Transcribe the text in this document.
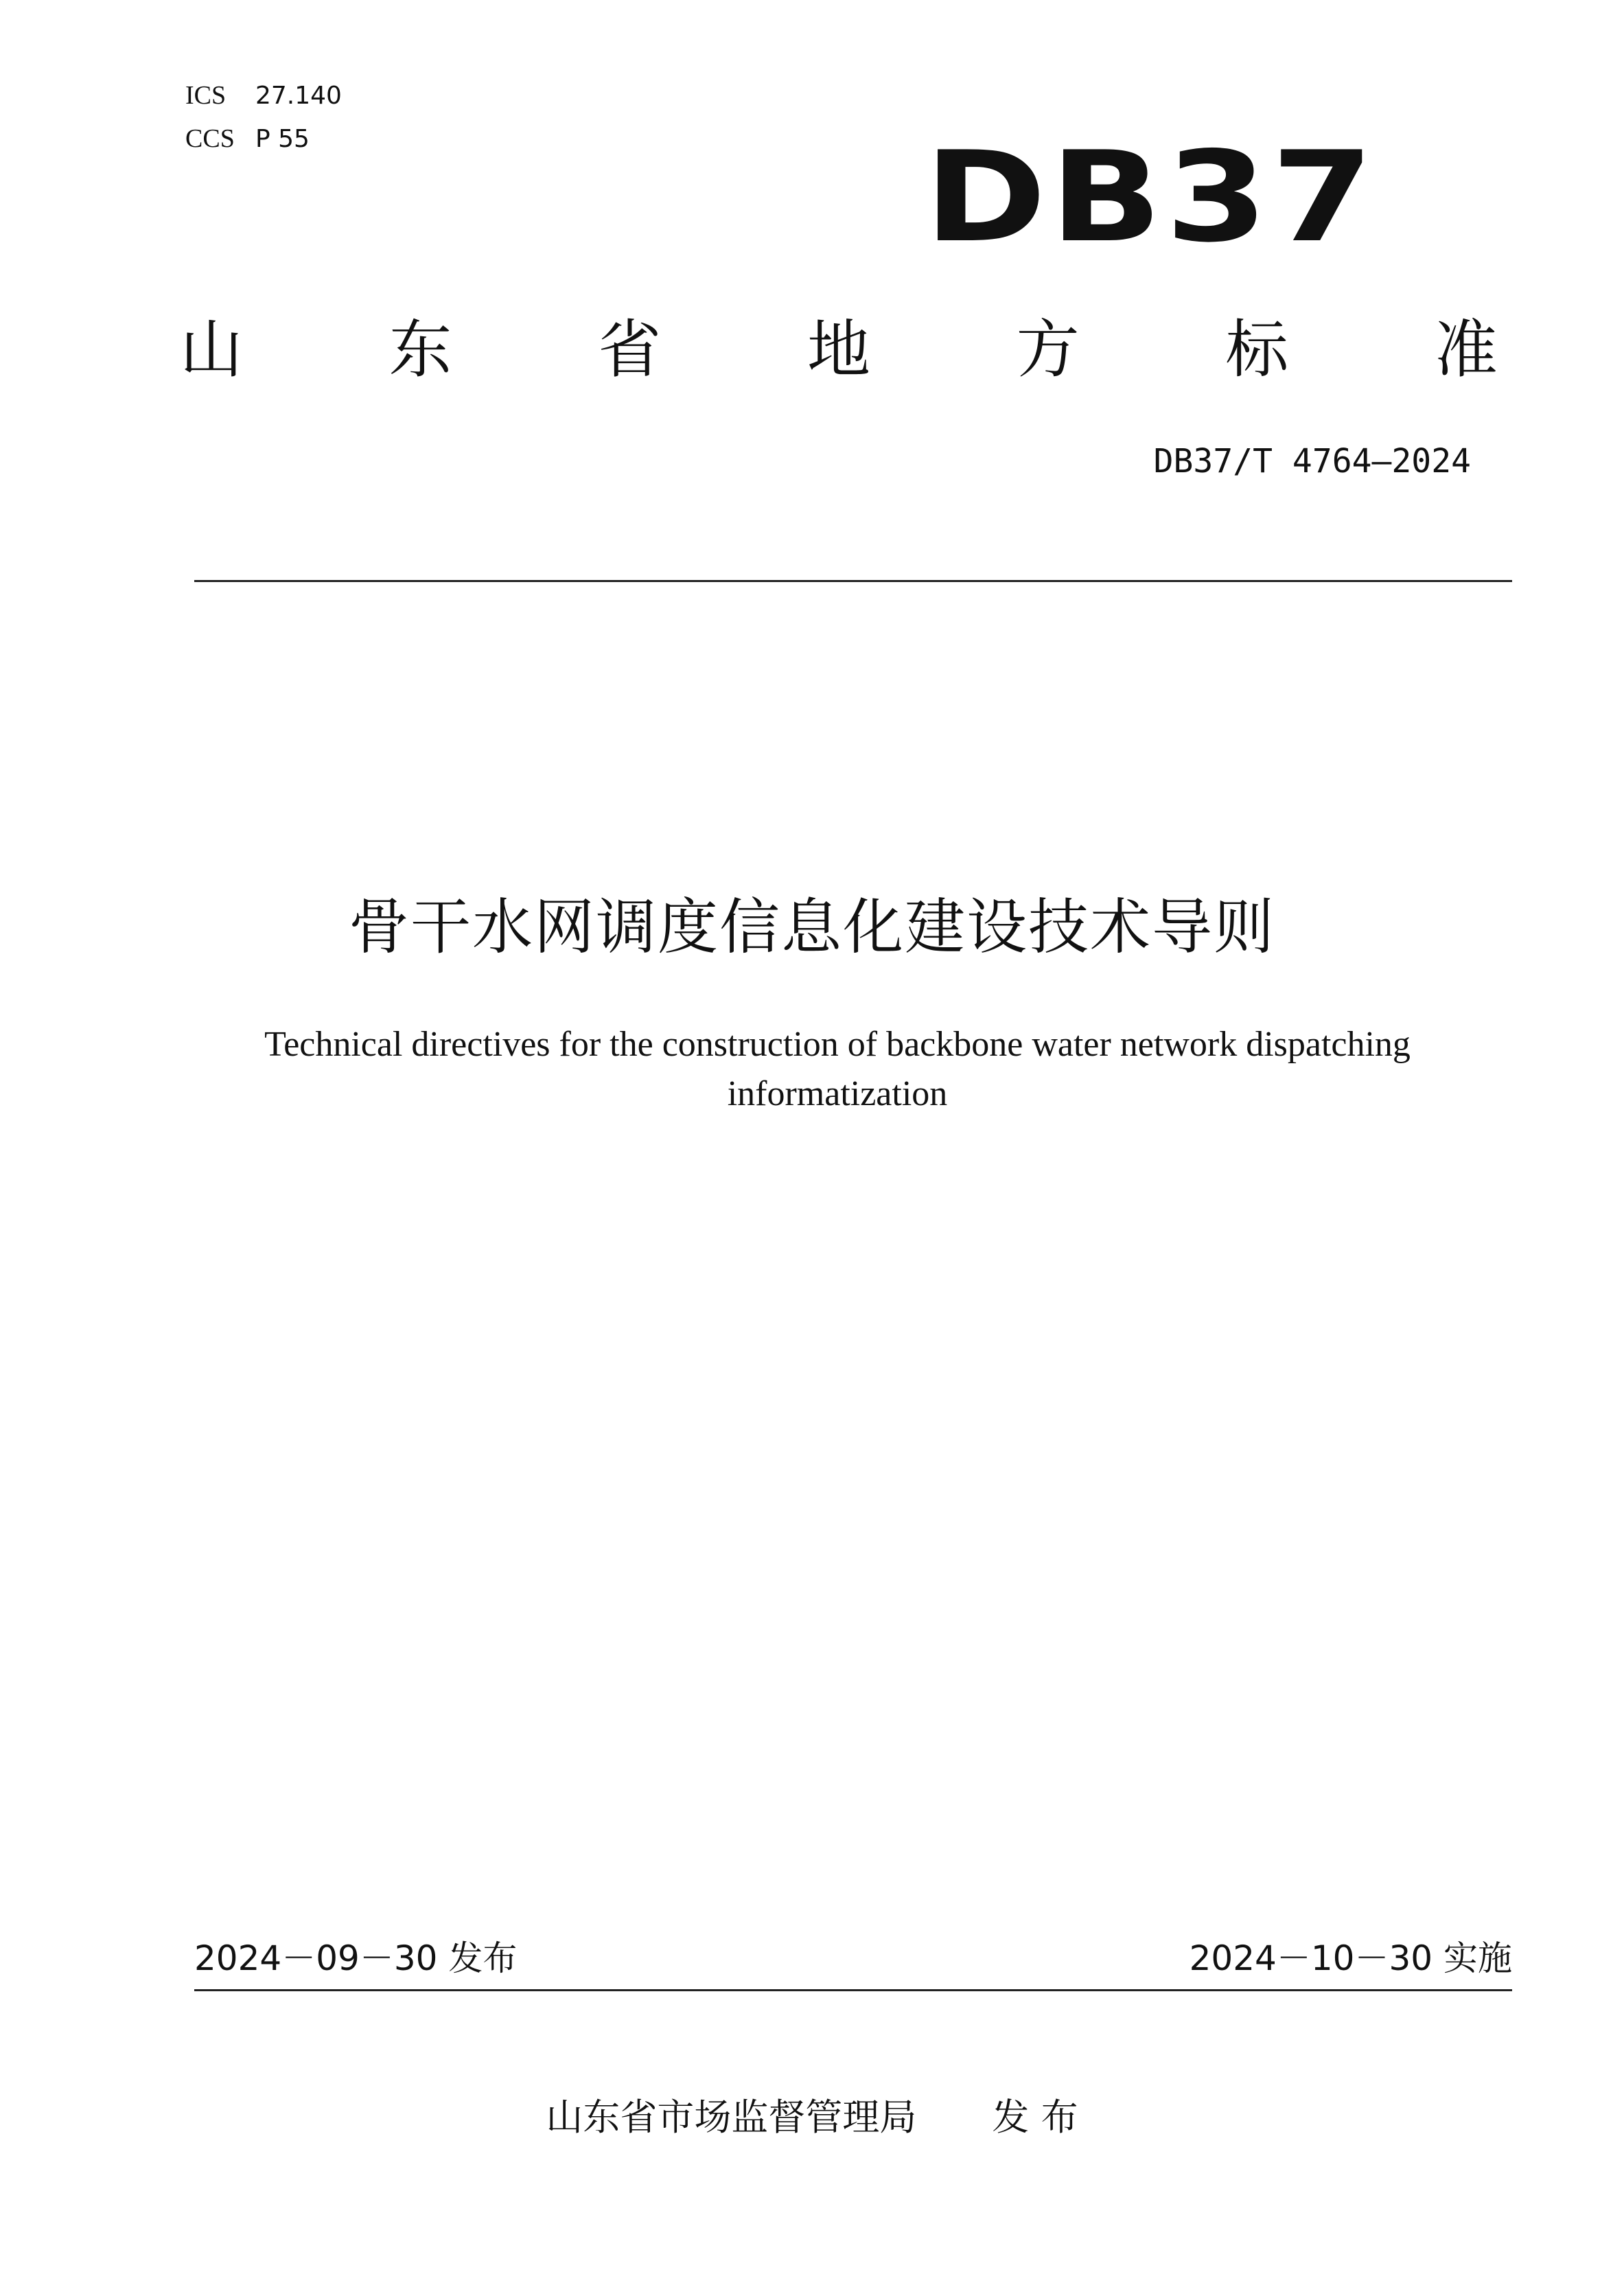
ICS	27.140
CCS P 55	DB37
山 东 省 地 方 标 准
DB37/T 4764—2024
骨干水网调度信息化建设技术导则
Technical directives for the construction of backbone water network dispatching informatization
2024－09－30 发布	2024－10－30 实施
山东省市场监督管理局 发 布
